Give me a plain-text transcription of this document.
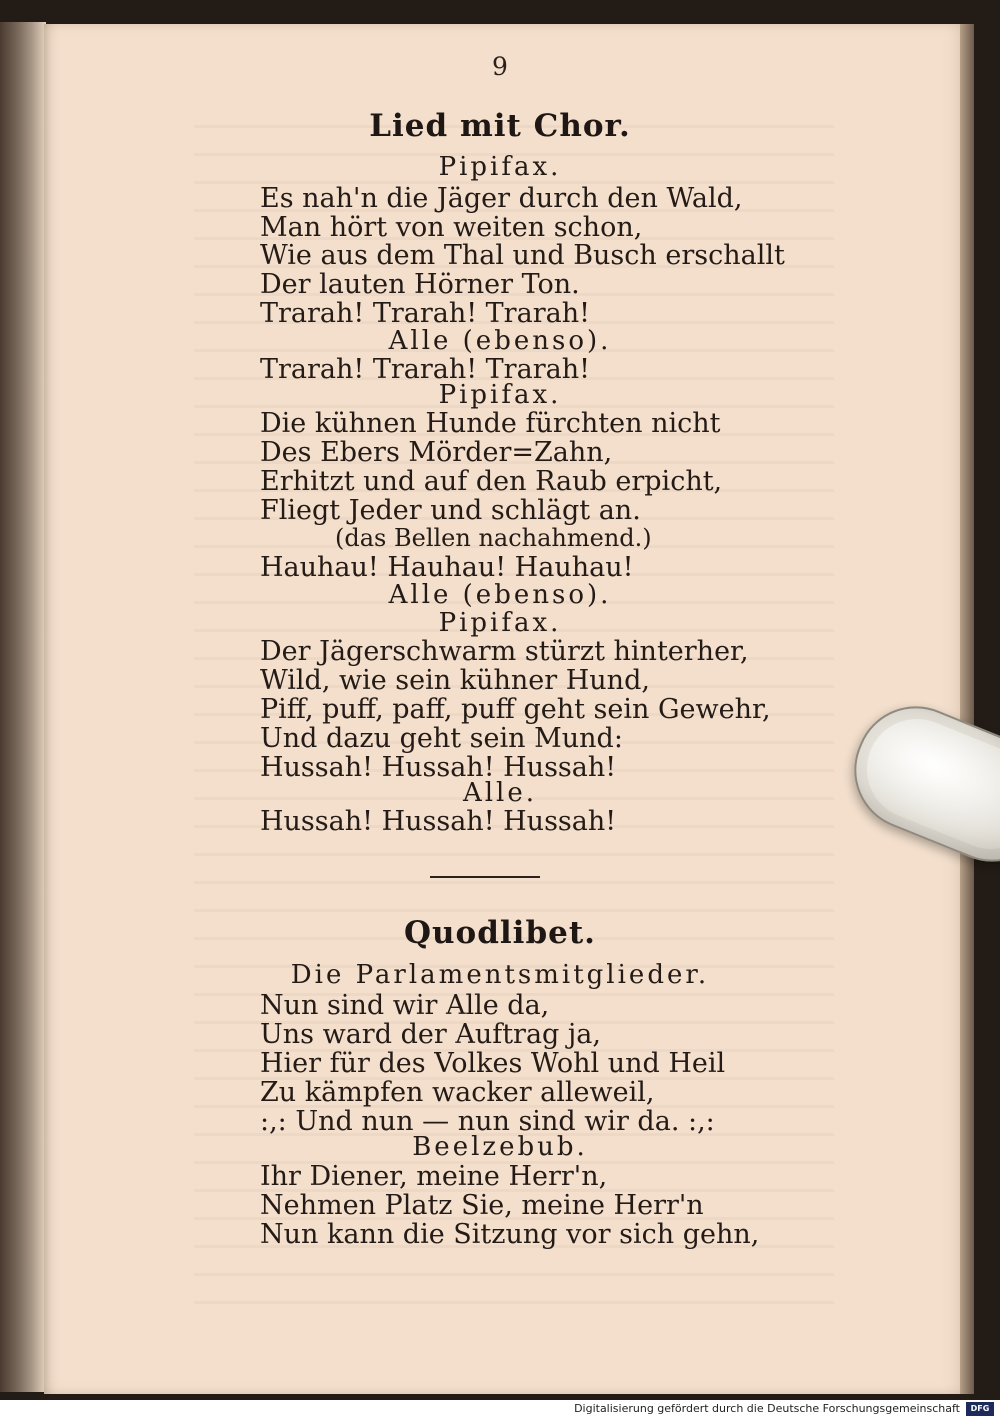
9
Lied mit Chor.
Pipifax.
Es nah'n die Jäger durch den Wald,
Man hört von weiten schon,
Wie aus dem Thal und Busch erschallt
Der lauten Hörner Ton.
Trarah! Trarah! Trarah!
Alle (ebenso).
Trarah! Trarah! Trarah!
Pipifax.
Die kühnen Hunde fürchten nicht
Des Ebers Mörder=Zahn,
Erhitzt und auf den Raub erpicht,
Fliegt Jeder und schlägt an.
(das Bellen nachahmend.)
Hauhau! Hauhau! Hauhau!
Alle (ebenso).
Pipifax.
Der Jägerschwarm stürzt hinterher,
Wild, wie sein kühner Hund,
Piff, puff, paff, puff geht sein Gewehr,
Und dazu geht sein Mund:
Hussah! Hussah! Hussah!
Alle.
Hussah! Hussah! Hussah!
Quodlibet.
Die Parlamentsmitglieder.
Nun sind wir Alle da,
Uns ward der Auftrag ja,
Hier für des Volkes Wohl und Heil
Zu kämpfen wacker alleweil,
:,: Und nun — nun sind wir da. :,:
Beelzebub.
Ihr Diener, meine Herr'n,
Nehmen Platz Sie, meine Herr'n
Nun kann die Sitzung vor sich gehn,
Digitalisierung gefördert durch die Deutsche Forschungsgemeinschaft	DFG
